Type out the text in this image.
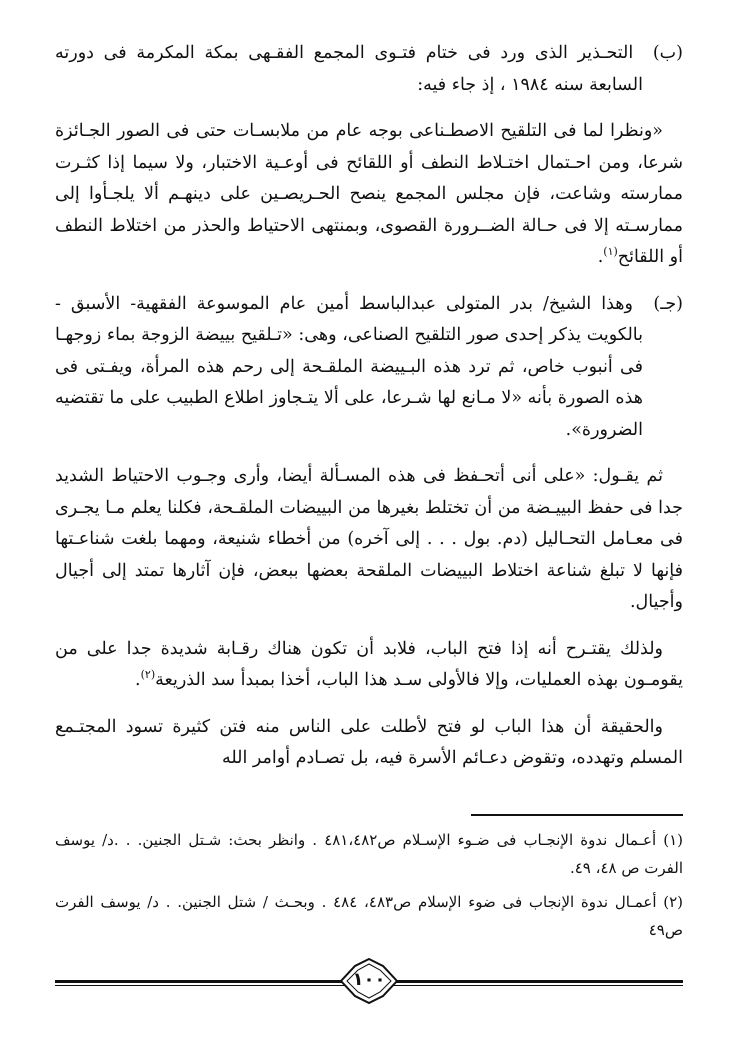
(ب) التحـذير الذى ورد فى ختام فتـوى المجمع الفقـهى بمكة المكرمة فى دورته السابعة سنه ١٩٨٤ ، إذ جاء فيه:

«ونظرا لما فى التلقيح الاصطـناعى بوجه عام من ملابسـات حتى فى الصور الجـائزة شرعا، ومن احـتمال اختـلاط النطف أو اللقائح فى أوعـية الاختبار، ولا سيما إذا كثـرت ممارسته وشاعت، فإن مجلس المجمع ينصح الحـريصـين على دينهـم ألا يلجـأوا إلى ممارسـته إلا فى حـالة الضــرورة القصوى، وبمنتهى الاحتياط والحذر من اختلاط النطف أو اللقائح$^{(١)}$.

(جـ) وهذا الشيخ/ بدر المتولى عبدالباسط أمين عام الموسوعة الفقهية- الأسبق - بالكويت يذكر إحدى صور التلقيح الصناعى، وهى: «تـلقيح بييضة الزوجة بماء زوجهـا فى أنبوب خاص، ثم ترد هذه البـييضة الملقـحة إلى رحم هذه المرأة، ويفـتى فى هذه الصورة بأنه «لا مـانع لها شـرعا، على ألا يتـجاوز اطلاع الطبيب على ما تقتضيه الضرورة».

ثم يقـول: «على أنى أتحـفظ فى هذه المسـألة أيضا، وأرى وجـوب الاحتياط الشديد جدا فى حفظ البييـضة من أن تختلط بغيرها من البييضات الملقـحة، فكلنا يعلم مـا يجـرى فى معـامل التحـاليل (دم. بول . . . إلى آخره) من أخطاء شنيعة، ومهما بلغت شناعـتها فإنها لا تبلغ شناعة اختلاط البييضات الملقحة بعضها ببعض، فإن آثارها تمتد إلى أجيال وأجيال.

ولذلك يقتـرح أنه إذا فتح الباب، فلابد أن تكون هناك رقـابة شديدة جدا على من يقومـون بهذه العمليات، وإلا فالأولى سـد هذا الباب، أخذا بمبدأ سد الذريعة$^{(٢)}$.

والحقيقة أن هذا الباب لو فتح لأطلت على الناس منه فتن كثيرة تسود المجتـمع المسلم وتهدده، وتقوض دعـائم الأسرة فيه، بل تصـادم أوامر الله

(١) أعـمال ندوة الإنجـاب فى ضـوء الإسـلام ص٤٨١،٤٨٢ . وانظر بحث: شـتل الجنين. . .د/ يوسف الفرت ص ٤٨، ٤٩.

(٢) أعمـال ندوة الإنجاب فى ضوء الإسلام ص٤٨٣، ٤٨٤ . وبحـث / شتل الجنين. . د/ يوسف الفرت ص٤٩

١٠٠
